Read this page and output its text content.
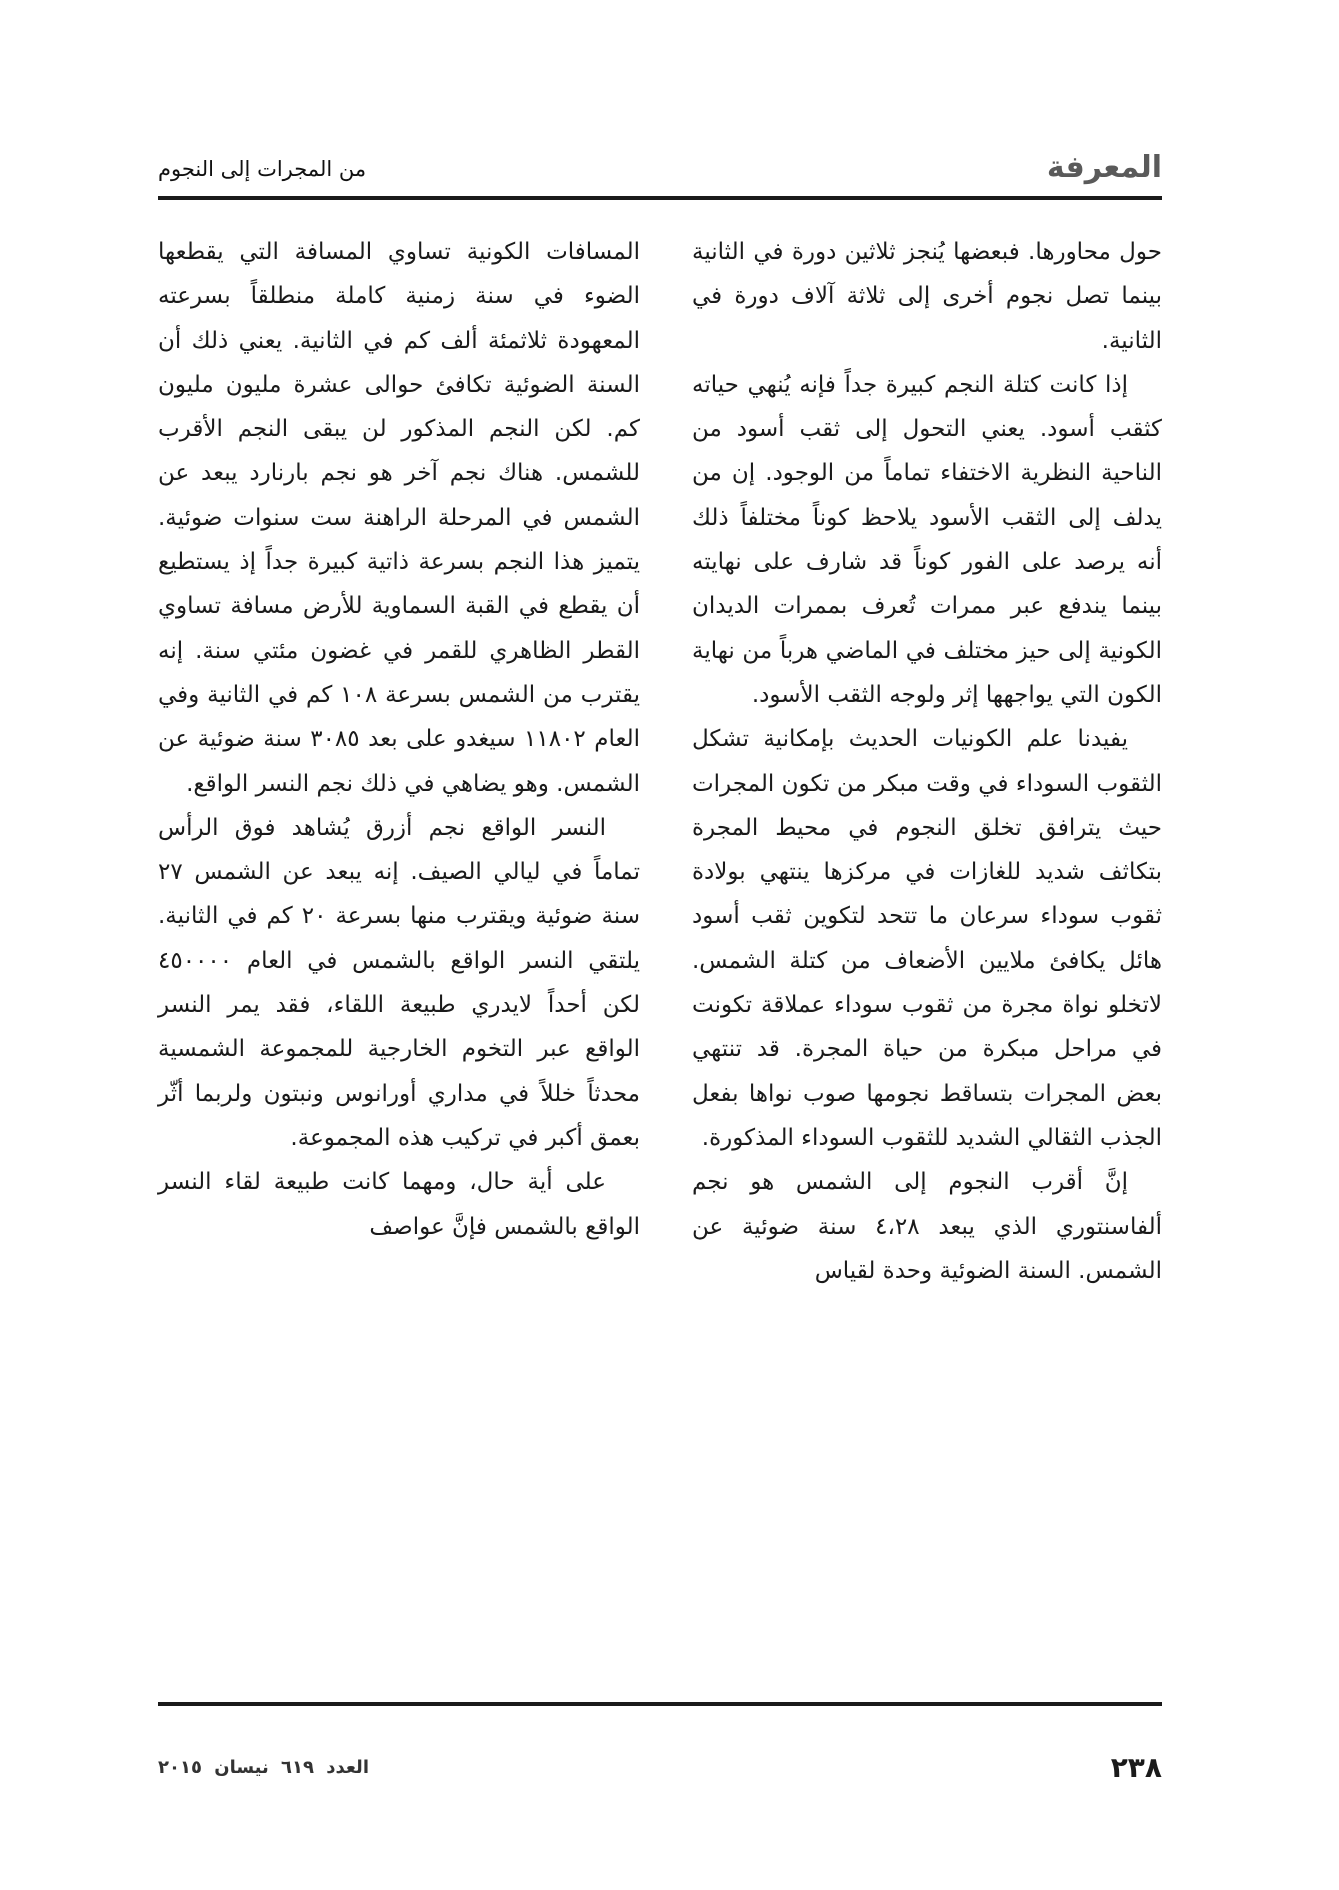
المعرفة
من المجرات إلى النجوم

حول محاورها. فبعضها يُنجز ثلاثين دورة في الثانية بينما تصل نجوم أخرى إلى ثلاثة آلاف دورة في الثانية.

إذا كانت كتلة النجم كبيرة جداً فإنه يُنهي حياته كثقب أسود. يعني التحول إلى ثقب أسود من الناحية النظرية الاختفاء تماماً من الوجود. إن من يدلف إلى الثقب الأسود يلاحظ كوناً مختلفاً ذلك أنه يرصد على الفور كوناً قد شارف على نهايته بينما يندفع عبر ممرات تُعرف بممرات الديدان الكونية إلى حيز مختلف في الماضي هرباً من نهاية الكون التي يواجهها إثر ولوجه الثقب الأسود.

يفيدنا علم الكونيات الحديث بإمكانية تشكل الثقوب السوداء في وقت مبكر من تكون المجرات حيث يترافق تخلق النجوم في محيط المجرة بتكاثف شديد للغازات في مركزها ينتهي بولادة ثقوب سوداء سرعان ما تتحد لتكوين ثقب أسود هائل يكافئ ملايين الأضعاف من كتلة الشمس. لاتخلو نواة مجرة من ثقوب سوداء عملاقة تكونت في مراحل مبكرة من حياة المجرة. قد تنتهي بعض المجرات بتساقط نجومها صوب نواها بفعل الجذب الثقالي الشديد للثقوب السوداء المذكورة.

إنَّ أقرب النجوم إلى الشمس هو نجم ألفاسنتوري الذي يبعد ٤،٢٨ سنة ضوئية عن الشمس. السنة الضوئية وحدة لقياس

المسافات الكونية تساوي المسافة التي يقطعها الضوء في سنة زمنية كاملة منطلقاً بسرعته المعهودة ثلاثمئة ألف كم في الثانية. يعني ذلك أن السنة الضوئية تكافئ حوالى عشرة مليون مليون كم. لكن النجم المذكور لن يبقى النجم الأقرب للشمس. هناك نجم آخر هو نجم بارنارد يبعد عن الشمس في المرحلة الراهنة ست سنوات ضوئية. يتميز هذا النجم بسرعة ذاتية كبيرة جداً إذ يستطيع أن يقطع في القبة السماوية للأرض مسافة تساوي القطر الظاهري للقمر في غضون مئتي سنة. إنه يقترب من الشمس بسرعة ١٠٨ كم في الثانية وفي العام ١١٨٠٢ سيغدو على بعد ٣٠٨٥ سنة ضوئية عن الشمس. وهو يضاهي في ذلك نجم النسر الواقع.

النسر الواقع نجم أزرق يُشاهد فوق الرأس تماماً في ليالي الصيف. إنه يبعد عن الشمس ٢٧ سنة ضوئية ويقترب منها بسرعة ٢٠ كم في الثانية. يلتقي النسر الواقع بالشمس في العام ٤٥٠٠٠٠ لكن أحداً لايدري طبيعة اللقاء، فقد يمر النسر الواقع عبر التخوم الخارجية للمجموعة الشمسية محدثاً خللاً في مداري أورانوس ونبتون ولربما أثّر بعمق أكبر في تركيب هذه المجموعة.

على أية حال، ومهما كانت طبيعة لقاء النسر الواقع بالشمس فإنَّ عواصف

٢٣٨
العدد ٦١٩ نيسان ٢٠١٥
